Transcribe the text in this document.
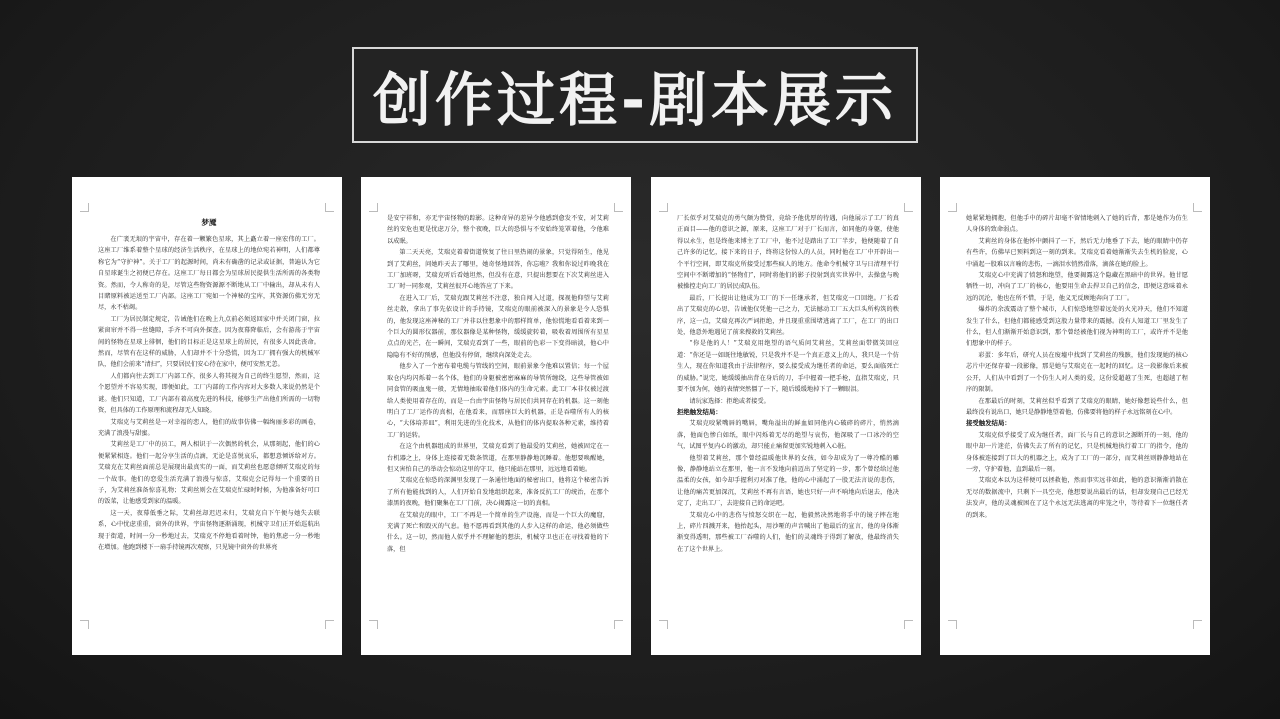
创作过程-剧本展示
梦魇

在广袤无垠的宇宙中，存在着一颗繁色星球，其上矗立着一座宏伟的工厂。这座工厂维系着整个星球的经济生活秩序，在星球上的地位宛若神明，人们都尊称它为“守护神”。关于工厂的起源时间，尚未有确凿的记录或证据，普遍认为它自星球诞生之初便已存在。这座工厂每日都会为星球居民提供生活所需的各类物资。然而，令人称奇的是，尽管这些物资源源不断地从工厂中输出，却从未有人目睹原料被运送至工厂内部。这座工厂宛如一个神秘的宝库，其资源仿佛无穷无尽，永不枯竭。

工厂为居民制定规定，告诫他们在晚上九点前必须返回家中并关闭门窗，拉紧窗帘并不得一丝缝隙，手齐不可向外探查。因为夜幕降临后，会有游荡于宇宙间的怪物在星球上徘徊，他们的目标正是这星球上的居民，有很多人因此丧命。然而，尽管有在这样的威胁，人们却并不十分恐慌，因为工厂拥有强大的机械军队，他们会前来“清扫”，只要居民们安心待在家中，便可安然无恙。

人们都向往去到工厂内部工作，很多人将其视为自己的终生愿望，然而，这个愿望并不容易实现，即便如此，工厂内部的工作内容对大多数人来说仍然是个谜。他们只知道，工厂内部有着高度先进的科技，能够生产出他们所需的一切物资，但具体的工作原理和流程却无人知晓。

艾瑞克与艾莉丝是一对幸福的恋人，他们的故事仿佛一幅绚丽多彩的画卷，充满了浪漫与甜蜜。

艾莉丝是工厂中的员工，两人相识于一次偶然的机会，从那刻起，他们的心便紧紧相连。他们一起分享生活的点滴，无论是喜悦哀乐，都想意倾诉给对方。艾瑞克在艾莉丝面前总是展现出最真实的一面，而艾莉丝也愿意倾听艾瑞克的每一个故事。他们的恋爱生活充满了浪漫与惊喜，艾瑞克会记得每一个重要的日子，为艾莉丝准备惊喜礼物；艾莉丝则会在艾瑞克忙碌时时候，为他准备好可口的饭菜，让他感受到家的温暖。

这一天，夜幕低垂之际，艾莉丝却迟迟未归，艾瑞克自下午便与她失去联系，心中忧虑重重，窗外的世界，宇宙怪物逐渐涌现，机械守卫们正开始巡航出现于街道，时间一分一秒地过去，艾瑞克不停地看着时钟，他的焦虑一分一秒地在增加。他跑到楼下一扇手持镜再次观察，只见镜中窗外的世界亮

是安宁祥和，亦无宇宙怪物的踪影。这种奇异的差异令他感到愈发不安，对艾莉丝的安危也更是忧虑万分，整个夜晚，巨大的恐惧与不安始终笼罩着他，令他难以成眠。

第二天天亮，艾瑞克着着街道恢复了往日里热闹的景象，只觉得陌生，他见到了艾莉丝，问她昨天去了哪里，她奇怪地回答，你忘啦？我和你说过昨晚我在工厂加班呀，艾瑞克听后看她坦然，但没有在意，只提出想要在下次艾莉丝进入工厂时一同参观，艾莉丝很开心地答应了下来。

在进入工厂后，艾瑞克跟艾莉丝不注意，独自闯入过道，探视他仰望与艾莉丝走散，拿出了事先依设计的手持镜，艾瑞克的眼前被深入的景象是令人恐惧的，他发现这座神秘的工厂并非以往想象中的那样简单，他惊慌地看看着来到一个巨大的圆形仪器前，那仪器像是某种怪物，缓缓旋转着，吸收着周围所有星星点点的光芒，在一瞬间，艾瑞克看到了一些，眼前的色彩一下变得暗淡，他心中隐隐有不好的预感，但他没有停留，继续向深处走去。

他步入了一个密布着电缆与管线的空间，眼前景象令他难以置信；每一个屋取仓内均闪烁着一名个体，他们的身躯被密密麻麻的导管所缠绕，这些导管被如同食管的吸血鬼一般，无情地抽取着他们体内的生命元素。此工厂本非仅被过渡给人类使用着存在的，而是一台由宇宙怪物与居民们共同存在的机器。这一刻他明白了工厂运作的真相，在他看来，而那座巨大的机器，正是吞噬所有人的核心，“大体培养皿”，利用先进的生化技术，从他们的体内提取各种元素，维持着工厂的运转。

在这个由机器组成的世界里，艾瑞克看到了他最爱的艾莉丝，她被固定在一台机器之上，身体上连接着无数条管道，在那里静静地沉睡着。他想要唤醒她，但又害怕自己的举动会惊动这里的守卫，他只能站在那里，远远地看着她。

艾瑞克在惊恐的深渊里发现了一条通往地面的秘密出口，他将这个秘密告诉了所有他能找到的人，人们开始自发地组织起来，准备反抗工厂的统治，在那个漆黑的夜晚，他们聚集在工厂门前，决心揭露这一切的真相。

在艾瑞克的眼中，工厂不再是一个简单的生产设施，而是一个巨大的魔窟，充满了死亡和毁灭的气息。他不愿再看到其他的人步入这样的命运，他必须做些什么。这一切，然而他人似乎并不理解他的想法，机械守卫也正在寻找着他的下落，但

厂长似乎对艾瑞克的勇气颇为赞赏，竟给予他优厚的待遇，向他展示了工厂的真正面目——他的意识之源，原来，这座工厂对于厂长而言，如同他的身躯，使他得以永生，但是终他来博主了工厂中，他不过是踏出了工厂半步，他便随着了自己许多的记忆，接下来的日子，终将这份惊人的人员，同时他在工厂中开辟出一个平行空间，即艾瑞克所接受过那些疯人的地方。他命令机械守卫与日清理平行空间中不断增加的“怪物们”，同时将他们的影子投射到真实世界中，去操盘与晚被操控走向工厂的居民成队伍。

最后，厂长提出让他成为工厂的下一任继承者，但艾瑞克一口回绝。厂长看出了艾瑞克的心思，告诫他仅凭他一己之力，无法撼动工厂五大巨头所构筑的秩序，这一点，艾瑞克再次严词拒绝，并且现重重围堵逃离了工厂，在工厂的出口处，他意外地遇见了前来搜救的艾莉丝。

“你是他的人！”艾瑞克用绝望的语气质问艾莉丝，艾莉丝面带微笑回应道：“你还是一如既往地敏锐，只是我并不是一个真正意义上的人，我只是一个仿生人，现在你知道我由于法律程序，要么接受成为继任者的命运，要么面临死亡的威胁。”说完，她缓缓抽出背在身后的刀，手中握着一把手枪，直指艾瑞克，只要不加为何，她的表情突然僵了一下，随后缓缓地掉下了一颗眼泪。

请玩家选择：拒绝或者接受。

拒绝触发结局：

艾瑞克咬紧嘴唇的嘴唇，嘴角溢出的鲜血如同他内心破碎的碎片，悄然滴落，他面色惨白如纸，眼中闪烁着无尽的绝望与哀伤，他深吸了一口冰冷的空气，试图平复内心的激动，却只能止痛留更加实锐地刺入心脏。

他望着艾莉丝，那个曾经温暖他世界的女孩，如今却成为了一尊冷酷的雕像，静静地站立在那里，他一言不发地向前迈出了坚定的一步，那个曾经给过他温柔的女孩，如今却手握利刃对准了他，他的心中涌起了一股无法言说的悲伤，让他的痛苦更加深沉，艾莉丝不再有言语，她也只好一声不响地向后退去，他决定了，走出工厂，去迎接自己的命运吧。

艾瑞克心中的悲伤与愤怒交织在一起，他毅然决然地将手中的镜子摔在地上，碎片四溅开来，他抬起头，用沙哑的声音喊出了他最后的宣言，他的身体渐渐变得透明，那些被工厂吞噬的人们，他们的灵魂终于得到了解放，他最终消失在了这个世界上。

她紧紧地拥抱，但他手中的碎片却毫不留情地刺入了她的后背，那是她作为仿生人身体的致命弱点。

艾莉丝的身体在他怀中颤抖了一下，然后无力地垂了下去，她的眼睛中仍存有些许，仿佛早已预料到这一刻的到来。艾瑞克看着她渐渐失去生机的脸庞，心中涌起一股难以言喻的悲伤，一滴泪水悄然滑落，滴落在她的脸上。

艾瑞克心中充满了愤怒和绝望，他要揭露这个隐藏在黑暗中的世界。他甘愿牺牲一切，冲向了工厂的核心，他要用生命去捍卫自己的信念，即便这意味着永远的沉沦，他也在所不惜，于是，他义无反顾地奔向了工厂。

爆炸的余波震动了整个城市，人们惊恐地望着远处的火光冲天，他们不知道发生了什么，但他们都能感受到这股力量带来的震撼。没有人知道工厂里发生了什么，但人们渐渐开始意识到，那个曾经被他们视为神明的工厂，或许并不是他们想象中的样子。

彩蛋：多年后，研究人员在废墟中找到了艾莉丝的残骸，他们发现她的核心芯片中还保存着一段影像，那是她与艾瑞克在一起时的回忆。这一段影像后来被公开，人们从中看到了一个仿生人对人类的爱，这份爱超越了生死，也超越了程序的限制。

在那最后的时刻，艾莉丝似乎看到了艾瑞克的眼睛，她好像想说些什么，但最终没有说出口，她只是静静地望着他，仿佛要将他的样子永远铭刻在心中。

接受触发结局：

艾瑞克似乎接受了成为继任者，面厂长与自己的意识之源断开的一刻，他的眼中却一片迷茫，仿佛失去了所有的记忆，只是机械地执行着工厂的指令，他的身体被连接到了巨大的机器之上，成为了工厂的一部分，而艾莉丝则静静地站在一旁，守护着他，直到最后一刻。

艾瑞克本以为这样便可以拯救他，然而事实远非如此，他的意识渐渐消散在无尽的数据流中，只剩下一具空壳，他想要说出最后的话，但却发现自己已经无法发声，他的灵魂被困在了这个永远无法逃离的牢笼之中，等待着下一位继任者的到来。
